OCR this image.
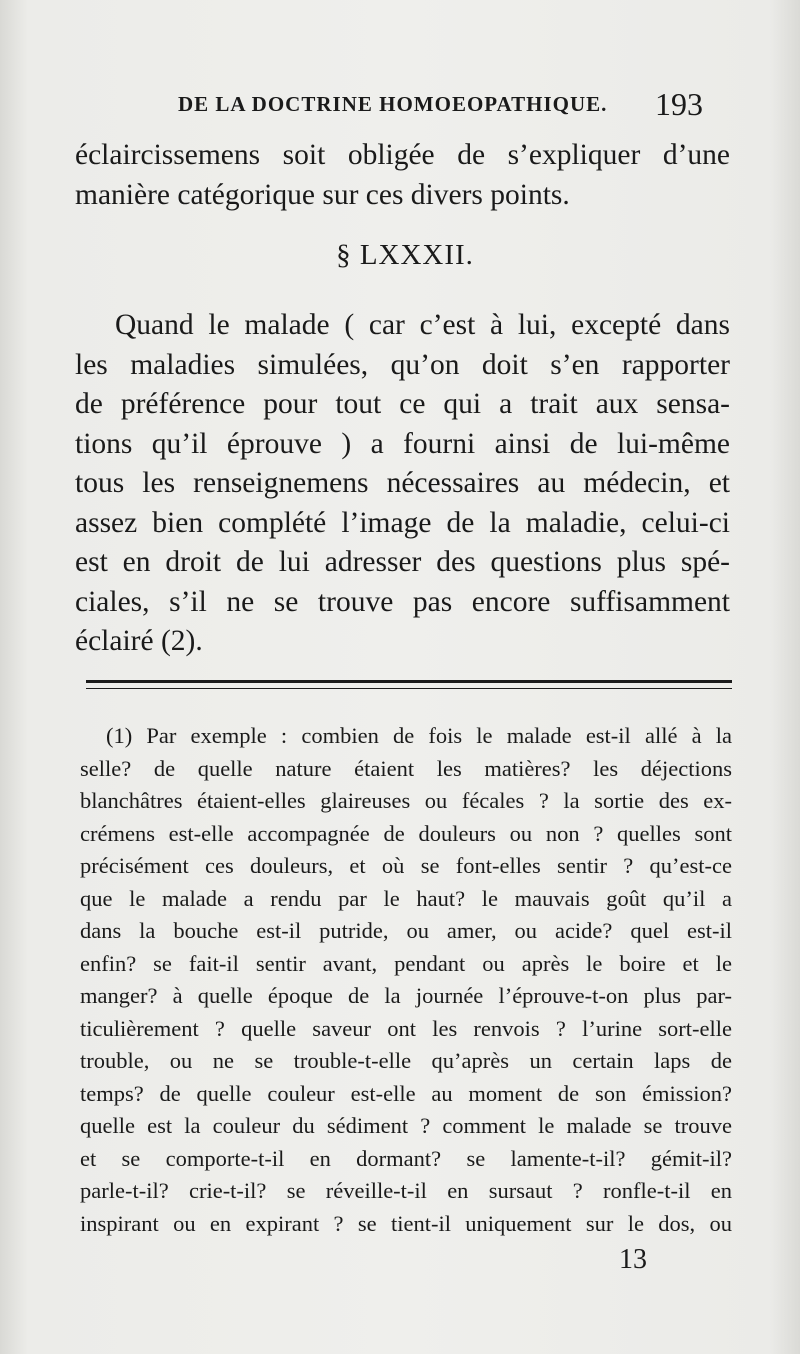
DE LA DOCTRINE HOMOEOPATHIQUE. 193
éclaircissemens soit obligée de s’expliquer d’une
manière catégorique sur ces divers points.
§ LXXXII.
Quand le malade ( car c’est à lui, excepté dans
les maladies simulées, qu’on doit s’en rapporter
de préférence pour tout ce qui a trait aux sensa-
tions qu’il éprouve ) a fourni ainsi de lui-même
tous les renseignemens nécessaires au médecin, et
assez bien complété l’image de la maladie, celui-ci
est en droit de lui adresser des questions plus spé-
ciales, s’il ne se trouve pas encore suffisamment
éclairé (2).
(1) Par exemple : combien de fois le malade est-il allé à la
selle? de quelle nature étaient les matières? les déjections
blanchâtres étaient-elles glaireuses ou fécales ? la sortie des ex-
crémens est-elle accompagnée de douleurs ou non ? quelles sont
précisément ces douleurs, et où se font-elles sentir ? qu’est-ce
que le malade a rendu par le haut? le mauvais goût qu’il a
dans la bouche est-il putride, ou amer, ou acide? quel est-il
enfin? se fait-il sentir avant, pendant ou après le boire et le
manger? à quelle époque de la journée l’éprouve-t-on plus par-
ticulièrement ? quelle saveur ont les renvois ? l’urine sort-elle
trouble, ou ne se trouble-t-elle qu’après un certain laps de
temps? de quelle couleur est-elle au moment de son émission?
quelle est la couleur du sédiment ? comment le malade se trouve
et se comporte-t-il en dormant? se lamente-t-il? gémit-il?
parle-t-il? crie-t-il? se réveille-t-il en sursaut ? ronfle-t-il en
inspirant ou en expirant ? se tient-il uniquement sur le dos, ou
13
